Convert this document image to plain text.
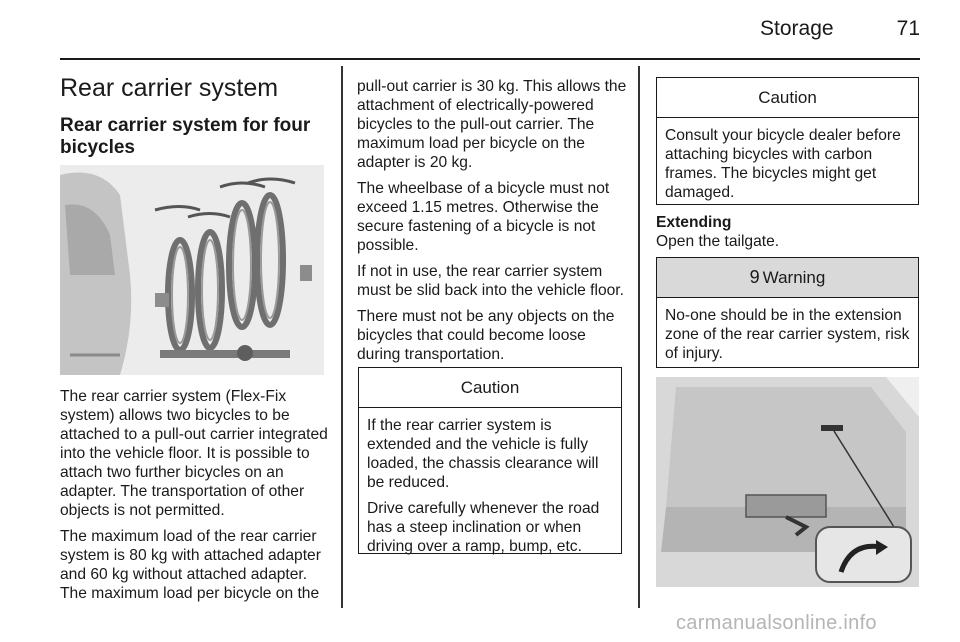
Storage	71
Rear carrier system
Rear carrier system for four bicycles

The rear carrier system (Flex-Fix system) allows two bicycles to be attached to a pull-out carrier integrated into the vehicle floor. It is possible to attach two further bicycles on an adapter. The transportation of other objects is not permitted.

The maximum load of the rear carrier system is 80 kg with attached adapter and 60 kg without attached adapter. The maximum load per bicycle on the

pull-out carrier is 30 kg. This allows the attachment of electrically-powered bicycles to the pull-out carrier. The maximum load per bicycle on the adapter is 20 kg.

The wheelbase of a bicycle must not exceed 1.15 metres. Otherwise the secure fastening of a bicycle is not possible.

If not in use, the rear carrier system must be slid back into the vehicle floor.

There must not be any objects on the bicycles that could become loose during transportation.

Caution

If the rear carrier system is extended and the vehicle is fully loaded, the chassis clearance will be reduced.

Drive carefully whenever the road has a steep inclination or when driving over a ramp, bump, etc.

Caution

Consult your bicycle dealer before attaching bicycles with carbon frames. The bicycles might get damaged.

Extending

Open the tailgate.

9 Warning

No-one should be in the extension zone of the rear carrier system, risk of injury.

carmanualsonline.info
